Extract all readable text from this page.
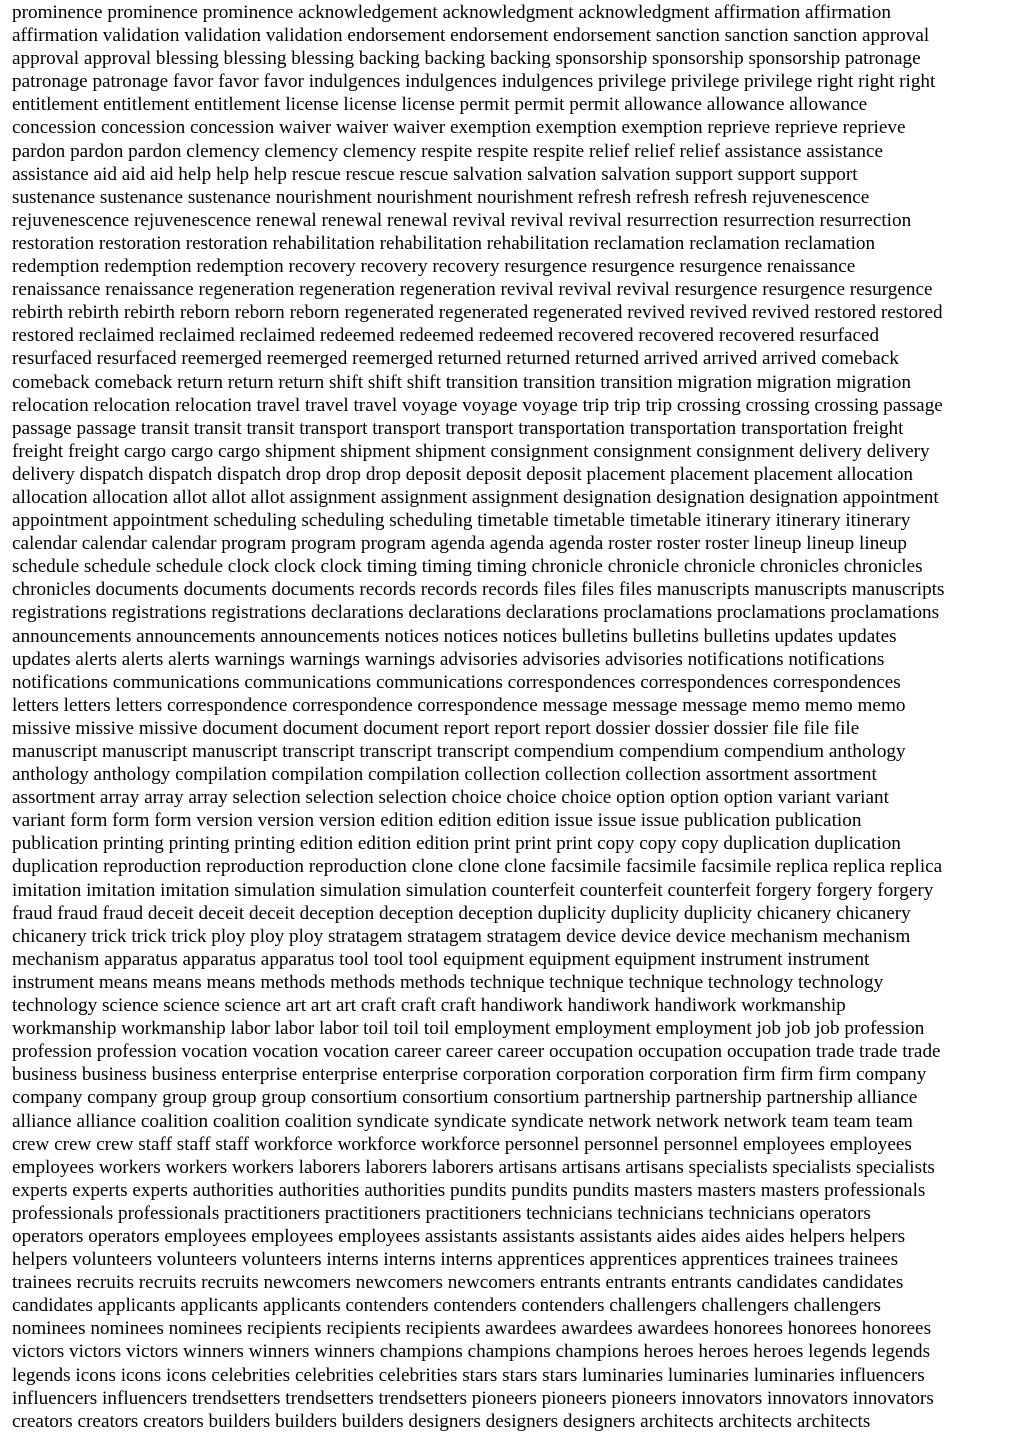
prominence prominence prominence acknowledgement acknowledgment acknowledgment affirmation affirmation
affirmation validation validation validation endorsement endorsement endorsement sanction sanction sanction approval
approval approval blessing blessing blessing backing backing backing sponsorship sponsorship sponsorship patronage
patronage patronage favor favor favor indulgences indulgences indulgences privilege privilege privilege right right right
entitlement entitlement entitlement license license license permit permit permit allowance allowance allowance
concession concession concession waiver waiver waiver exemption exemption exemption reprieve reprieve reprieve
pardon pardon pardon clemency clemency clemency respite respite respite relief relief relief assistance assistance
assistance aid aid aid help help help rescue rescue rescue salvation salvation salvation support support support
sustenance sustenance sustenance nourishment nourishment nourishment refresh refresh refresh rejuvenescence
rejuvenescence rejuvenescence renewal renewal renewal revival revival revival resurrection resurrection resurrection
restoration restoration restoration rehabilitation rehabilitation rehabilitation reclamation reclamation reclamation
redemption redemption redemption recovery recovery recovery resurgence resurgence resurgence renaissance
renaissance renaissance regeneration regeneration regeneration revival revival revival resurgence resurgence resurgence
rebirth rebirth rebirth reborn reborn reborn regenerated regenerated regenerated revived revived revived restored restored
restored reclaimed reclaimed reclaimed redeemed redeemed redeemed recovered recovered recovered resurfaced
resurfaced resurfaced reemerged reemerged reemerged returned returned returned arrived arrived arrived comeback
comeback comeback return return return shift shift shift transition transition transition migration migration migration
relocation relocation relocation travel travel travel voyage voyage voyage trip trip trip crossing crossing crossing passage
passage passage transit transit transit transport transport transport transportation transportation transportation freight
freight freight cargo cargo cargo shipment shipment shipment consignment consignment consignment delivery delivery
delivery dispatch dispatch dispatch drop drop drop deposit deposit deposit placement placement placement allocation
allocation allocation allot allot allot assignment assignment assignment designation designation designation appointment
appointment appointment scheduling scheduling scheduling timetable timetable timetable itinerary itinerary itinerary
calendar calendar calendar program program program agenda agenda agenda roster roster roster lineup lineup lineup
schedule schedule schedule clock clock clock timing timing timing chronicle chronicle chronicle chronicles chronicles
chronicles documents documents documents records records records files files files manuscripts manuscripts manuscripts
registrations registrations registrations declarations declarations declarations proclamations proclamations proclamations
announcements announcements announcements notices notices notices bulletins bulletins bulletins updates updates
updates alerts alerts alerts warnings warnings warnings advisories advisories advisories notifications notifications
notifications communications communications communications correspondences correspondences correspondences
letters letters letters correspondence correspondence correspondence message message message memo memo memo
missive missive missive document document document report report report dossier dossier dossier file file file
manuscript manuscript manuscript transcript transcript transcript compendium compendium compendium anthology
anthology anthology compilation compilation compilation collection collection collection assortment assortment
assortment array array array selection selection selection choice choice choice option option option variant variant
variant form form form version version version edition edition edition issue issue issue publication publication
publication printing printing printing edition edition edition print print print copy copy copy duplication duplication
duplication reproduction reproduction reproduction clone clone clone facsimile facsimile facsimile replica replica replica
imitation imitation imitation simulation simulation simulation counterfeit counterfeit counterfeit forgery forgery forgery
fraud fraud fraud deceit deceit deceit deception deception deception duplicity duplicity duplicity chicanery chicanery
chicanery trick trick trick ploy ploy ploy stratagem stratagem stratagem device device device mechanism mechanism
mechanism apparatus apparatus apparatus tool tool tool equipment equipment equipment instrument instrument
instrument means means means methods methods methods technique technique technique technology technology
technology science science science art art art craft craft craft handiwork handiwork handiwork workmanship
workmanship workmanship labor labor labor toil toil toil employment employment employment job job job profession
profession profession vocation vocation vocation career career career occupation occupation occupation trade trade trade
business business business enterprise enterprise enterprise corporation corporation corporation firm firm firm company
company company group group group consortium consortium consortium partnership partnership partnership alliance
alliance alliance coalition coalition coalition syndicate syndicate syndicate network network network team team team
crew crew crew staff staff staff workforce workforce workforce personnel personnel personnel employees employees
employees workers workers workers laborers laborers laborers artisans artisans artisans specialists specialists specialists
experts experts experts authorities authorities authorities pundits pundits pundits masters masters masters professionals
professionals professionals practitioners practitioners practitioners technicians technicians technicians operators
operators operators employees employees employees assistants assistants assistants aides aides aides helpers helpers
helpers volunteers volunteers volunteers interns interns interns apprentices apprentices apprentices trainees trainees
trainees recruits recruits recruits newcomers newcomers newcomers entrants entrants entrants candidates candidates
candidates applicants applicants applicants contenders contenders contenders challengers challengers challengers
nominees nominees nominees recipients recipients recipients awardees awardees awardees honorees honorees honorees
victors victors victors winners winners winners champions champions champions heroes heroes heroes legends legends
legends icons icons icons celebrities celebrities celebrities stars stars stars luminaries luminaries luminaries influencers
influencers influencers trendsetters trendsetters trendsetters pioneers pioneers pioneers innovators innovators innovators
creators creators creators builders builders builders designers designers designers architects architects architects
